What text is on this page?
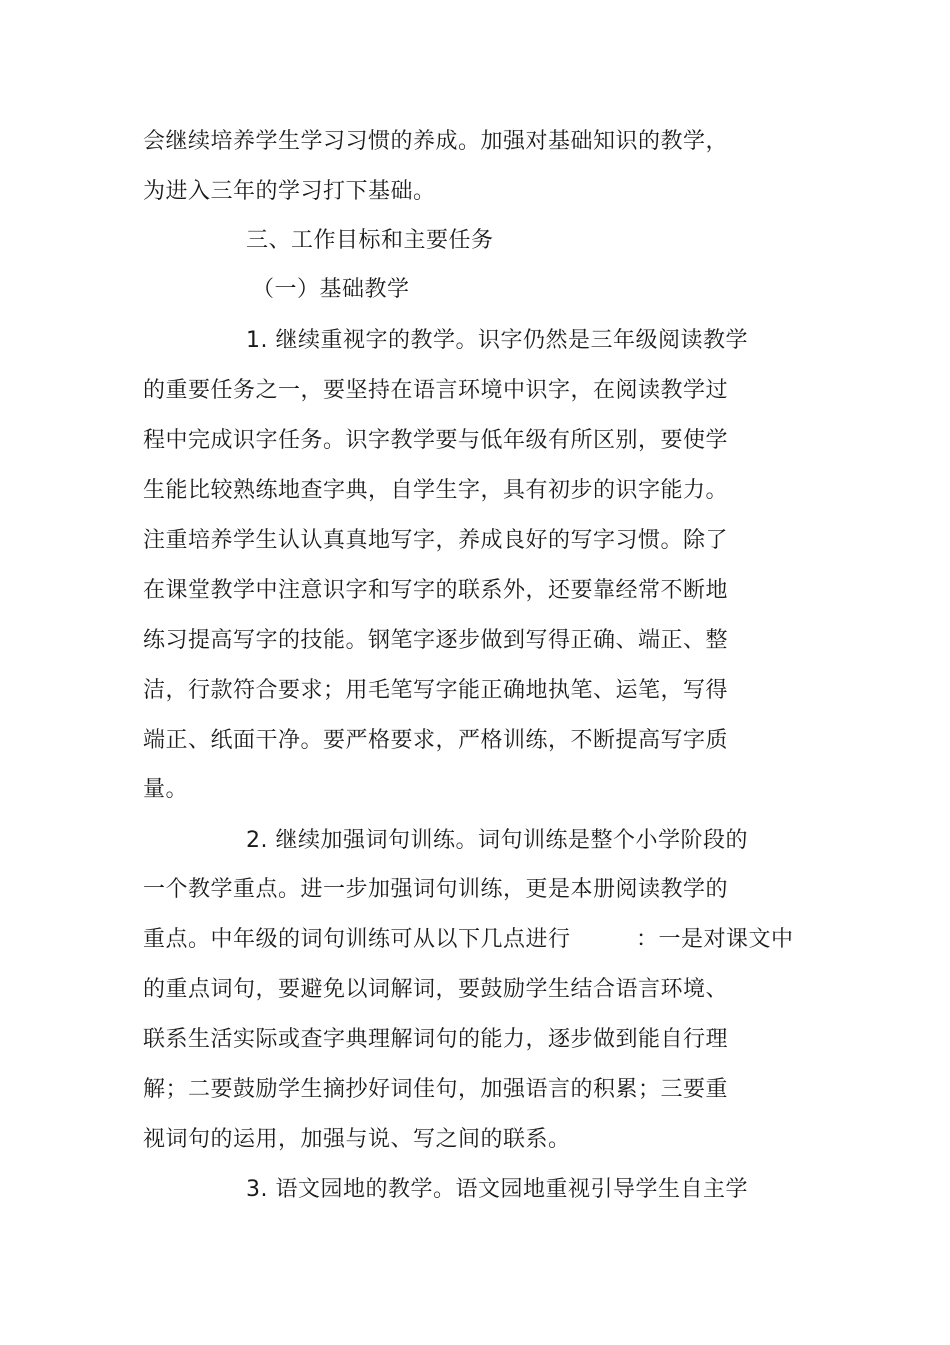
会继续培养学生学习习惯的养成。加强对基础知识的教学，
为进入三年的学习打下基础。
三、工作目标和主要任务
（一）基础教学
1. 继续重视字的教学。识字仍然是三年级阅读教学
的重要任务之一，要坚持在语言环境中识字，在阅读教学过
程中完成识字任务。识字教学要与低年级有所区别，要使学
生能比较熟练地查字典，自学生字，具有初步的识字能力。
注重培养学生认认真真地写字，养成良好的写字习惯。除了
在课堂教学中注意识字和写字的联系外，还要靠经常不断地
练习提高写字的技能。钢笔字逐步做到写得正确、端正、整
洁，行款符合要求；用毛笔写字能正确地执笔、运笔，写得
端正、纸面干净。要严格要求，严格训练，不断提高写字质
量。
2. 继续加强词句训练。词句训练是整个小学阶段的
一个教学重点。进一步加强词句训练，更是本册阅读教学的
重点。中年级的词句训练可从以下几点进行	：一是对课文中
的重点词句，要避免以词解词，要鼓励学生结合语言环境、
联系生活实际或查字典理解词句的能力，逐步做到能自行理
解；二要鼓励学生摘抄好词佳句，加强语言的积累；三要重
视词句的运用，加强与说、写之间的联系。
3. 语文园地的教学。语文园地重视引导学生自主学
